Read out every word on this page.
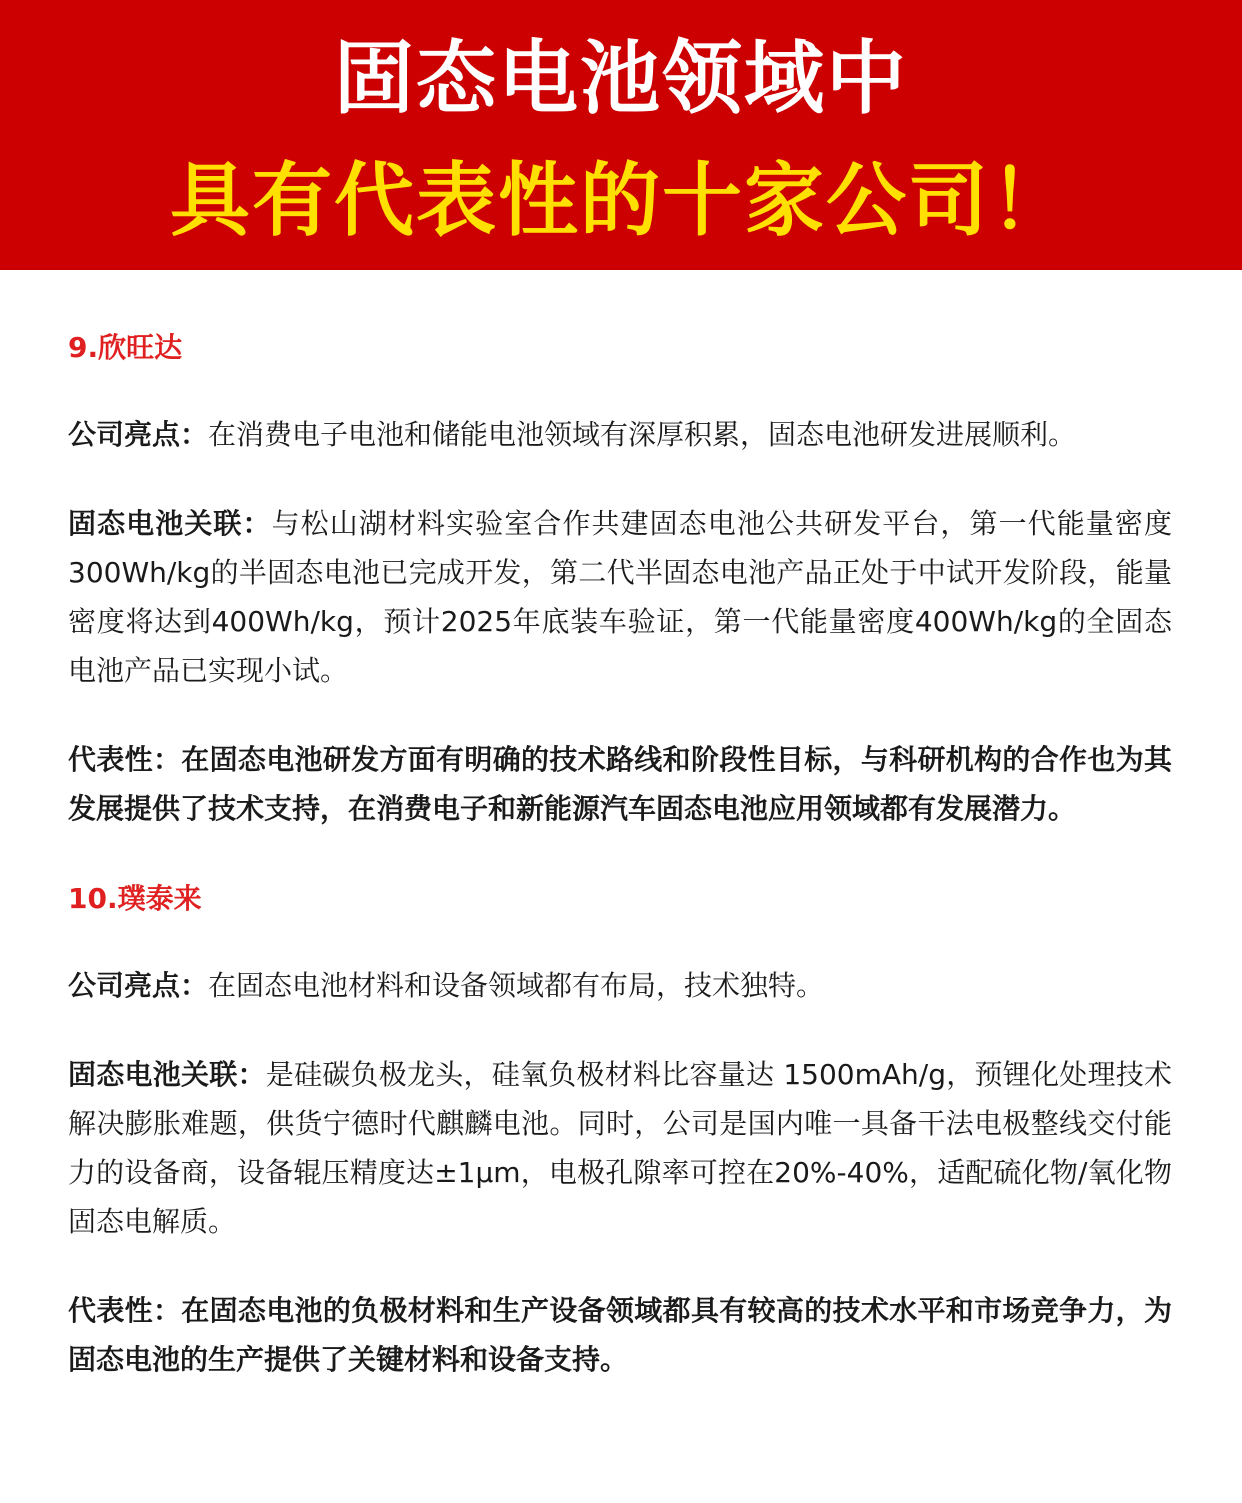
固态电池领域中
具有代表性的十家公司！

9.欣旺达

公司亮点：在消费电子电池和储能电池领域有深厚积累，固态电池研发进展顺利。

固态电池关联：与松山湖材料实验室合作共建固态电池公共研发平台，第一代能量密度300Wh/kg的半固态电池已完成开发，第二代半固态电池产品正处于中试开发阶段，能量密度将达到400Wh/kg，预计2025年底装车验证，第一代能量密度400Wh/kg的全固态电池产品已实现小试。

代表性：在固态电池研发方面有明确的技术路线和阶段性目标，与科研机构的合作也为其发展提供了技术支持，在消费电子和新能源汽车固态电池应用领域都有发展潜力。

10.璞泰来

公司亮点：在固态电池材料和设备领域都有布局，技术独特。

固态电池关联：是硅碳负极龙头，硅氧负极材料比容量达 1500mAh/g，预锂化处理技术解决膨胀难题，供货宁德时代麒麟电池。同时，公司是国内唯一具备干法电极整线交付能力的设备商，设备辊压精度达±1μm，电极孔隙率可控在20%-40%，适配硫化物/氧化物固态电解质。

代表性：在固态电池的负极材料和生产设备领域都具有较高的技术水平和市场竞争力，为固态电池的生产提供了关键材料和设备支持。
